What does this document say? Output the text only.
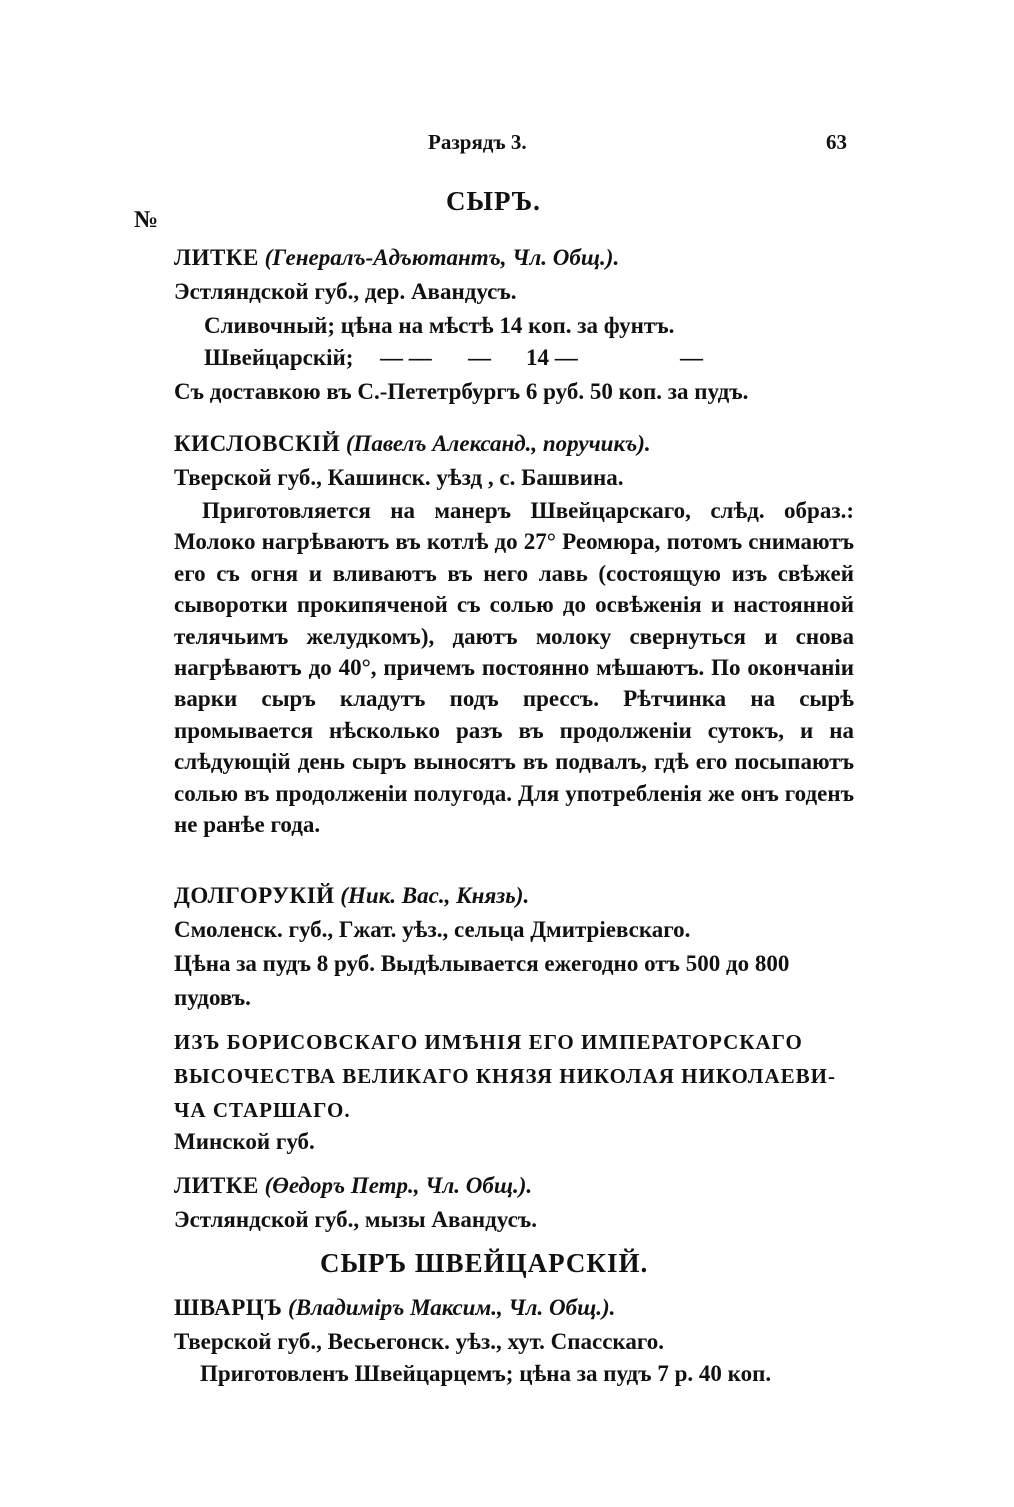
Разрядъ 3.	63
СЫРЪ.
№
ЛИТКЕ (Генералъ-Адъютантъ, Чл. Общ.).
Эстляндской губ., дер. Авандусъ.
Сливочный; цѣна на мѣстѣ 14 коп. за фунтъ.
Швейцарскій; — — — 14 —	—
Съ доставкою въ С.-Пететрбургъ 6 руб. 50 коп. за пудъ.
КИСЛОВСКІЙ (Павелъ Александ., поручикъ).
Тверской губ., Кашинск. уѣзд , с. Башвина.
Приготовляется на манеръ Швейцарскаго, слѣд. образ.: Молоко нагрѣваютъ въ котлѣ до 27° Реомюра, потомъ снимаютъ его съ огня и вливаютъ въ него лавь (состоящую изъ свѣжей сыворотки прокипяченой съ солью до освѣженія и настоянной телячьимъ желудкомъ), даютъ молоку свернуться и снова нагрѣваютъ до 40°, причемъ постоянно мѣшаютъ. По окончаніи варки сыръ кладутъ подъ прессъ. Рѣтчинка на сырѣ промывается нѣсколько разъ въ продолженіи сутокъ, и на слѣдующій день сыръ выносятъ въ подвалъ, гдѣ его посыпаютъ солью въ продолженіи полугода. Для употребленія же онъ годенъ не ранѣе года.
ДОЛГОРУКІЙ (Ник. Вас., Князь).
Смоленск. губ., Гжат. уѣз., сельца Дмитріевскаго.
Цѣна за пудъ 8 руб. Выдѣлывается ежегодно отъ 500 до 800
пудовъ.
ИЗЪ БОРИСОВСКАГО ИМѢНІЯ ЕГО ИМПЕРАТОРСКАГО
ВЫСОЧЕСТВА ВЕЛИКАГО КНЯЗЯ НИКОЛАЯ НИКОЛАЕВИ-
ЧА СТАРШАГО.
Минской губ.
ЛИТКЕ (Өедоръ Петр., Чл. Общ.).
Эстляндской губ., мызы Авандусъ.
СЫРЪ ШВЕЙЦАРСКІЙ.
ШВАРЦЪ (Владиміръ Максим., Чл. Общ.).
Тверской губ., Весьегонск. уѣз., хут. Спасскаго.
Приготовленъ Швейцарцемъ; цѣна за пудъ 7 р. 40 коп.
